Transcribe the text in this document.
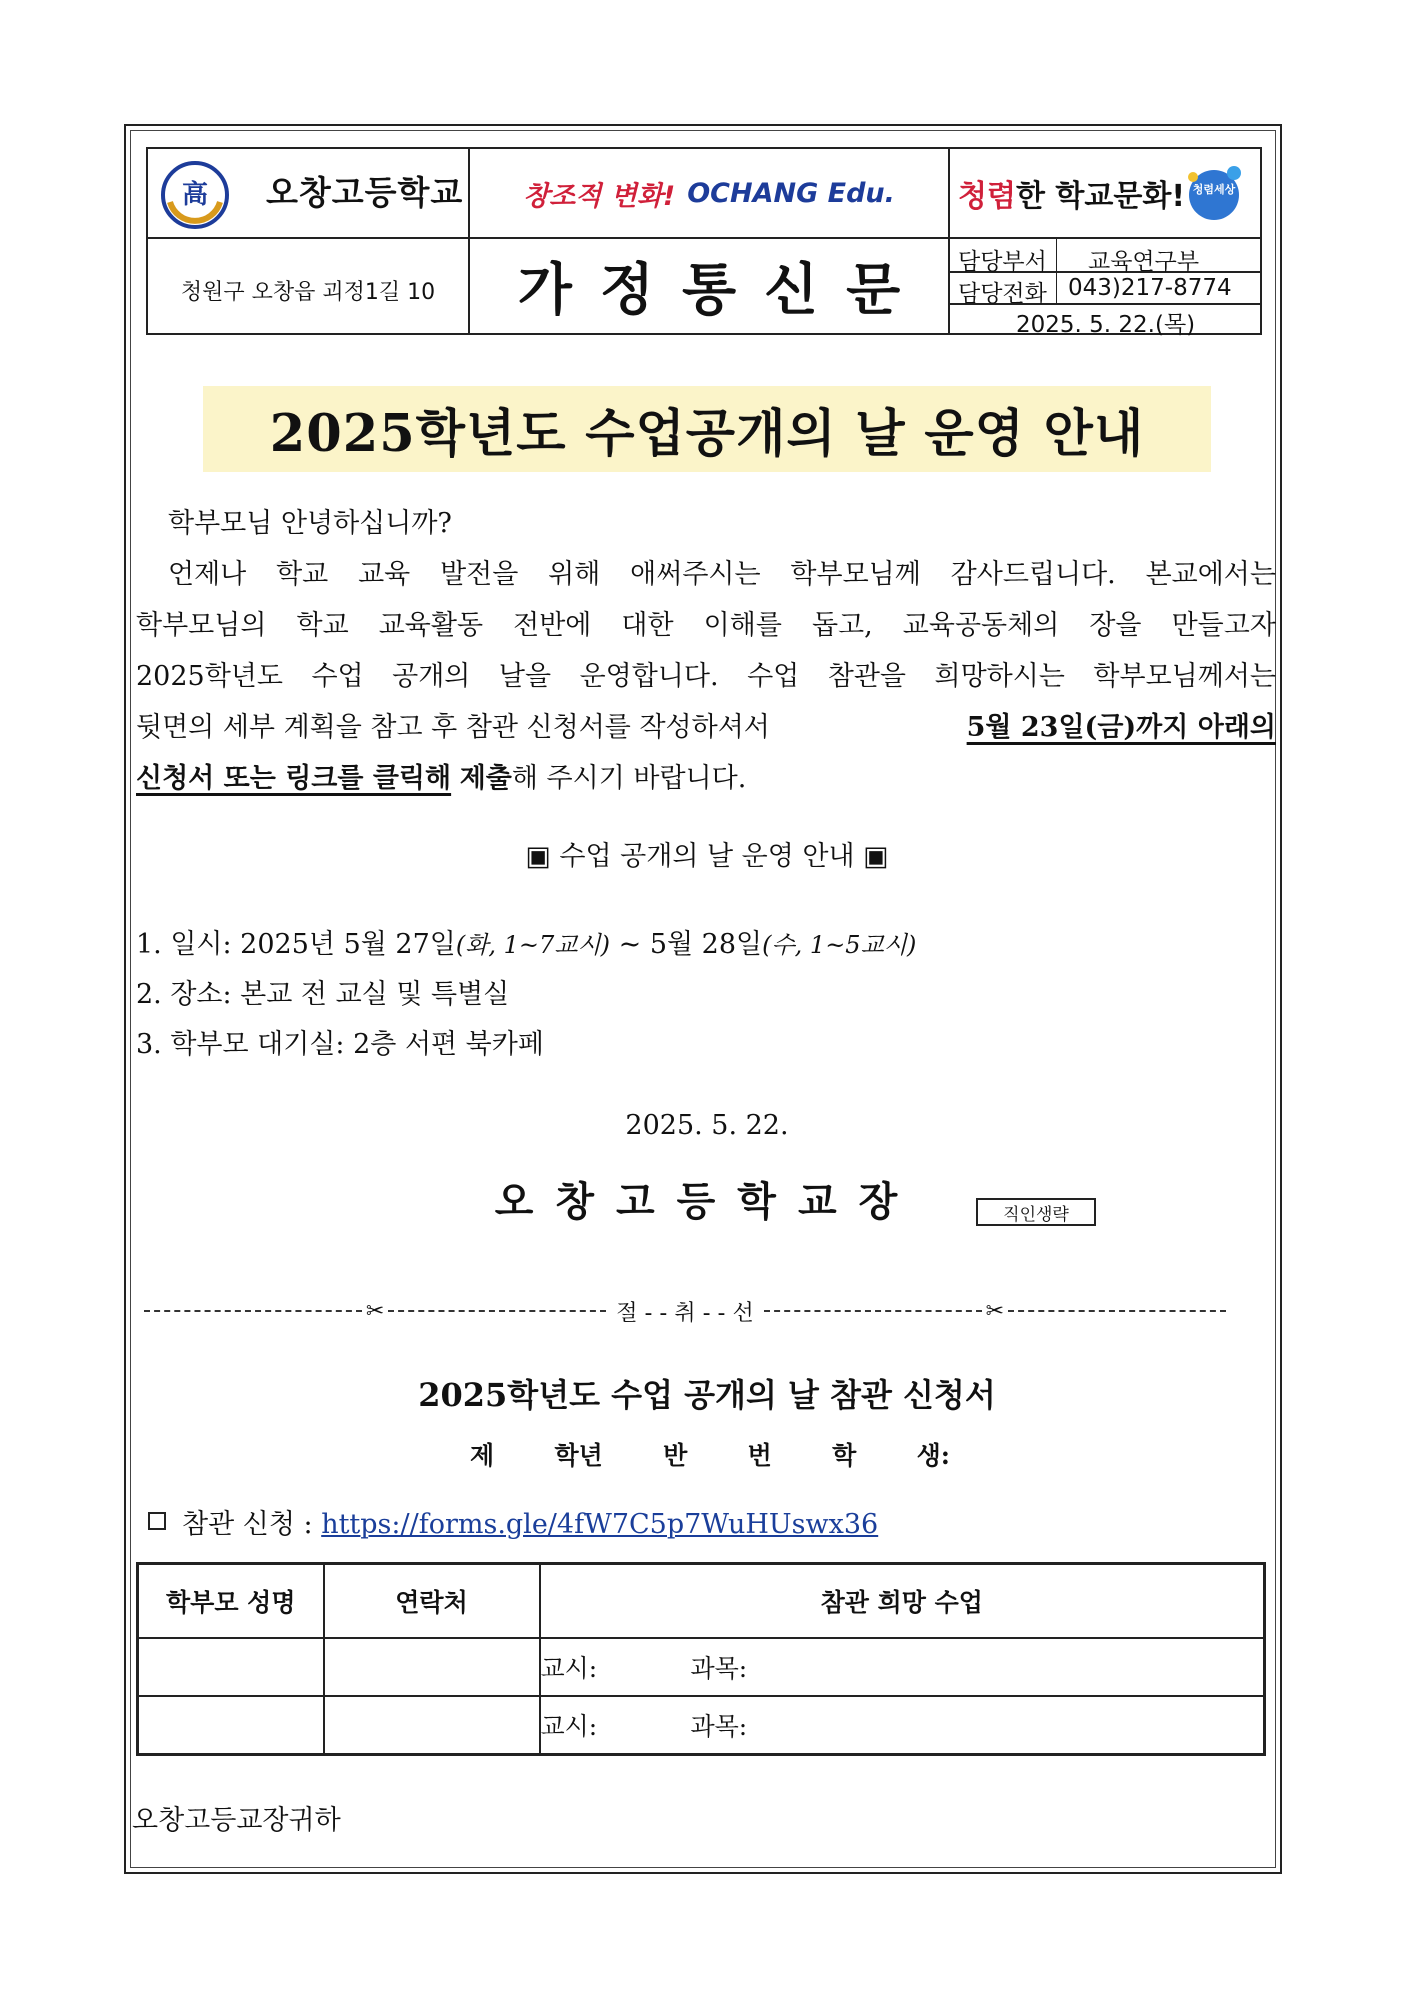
高 오창고등학교
청원구 오창읍 괴정1길 10
창조적 변화! OCHANG Edu.
가정통신문
청렴 한 학교문화! 청렴세상
담당부서 교육연구부
담당전화 043)217-8774
2025. 5. 22.(목)
2025학년도 수업공개의 날 운영 안내
학부모님 안녕하십니까?
언제나 학교 교육 발전을 위해 애써주시는 학부모님께 감사드립니다. 본교에서는
학부모님의 학교 교육활동 전반에 대한 이해를 돕고, 교육공동체의 장을 만들고자
2025학년도 수업 공개의 날을 운영합니다. 수업 참관을 희망하시는 학부모님께서는
뒷면의 세부 계획을 참고 후 참관 신청서를 작성하셔서	5월 23일(금)까지 아래의
신청서 또는 링크를 클릭해 제출해 주시기 바랍니다.
▣ 수업 공개의 날 운영 안내 ▣
1. 일시: 2025년 5월 27일(화, 1~7교시) ~ 5월 28일(수, 1~5교시)
2. 장소: 본교 전 교실 및 특별실
3. 학부모 대기실: 2층 서편 북카페
2025. 5. 22.
오창고등학교장	직인생략
✂	절 - - 취 - - 선	✂
2025학년도 수업 공개의 날 참관 신청서
제 학년 반 번 학 생:
참관 신청 : https://forms.gle/4fW7C5p7WuHUswx36
학부모 성명	연락처	참관 희망 수업
		교시: 과목:
		교시: 과목:
오창고등교장귀하
